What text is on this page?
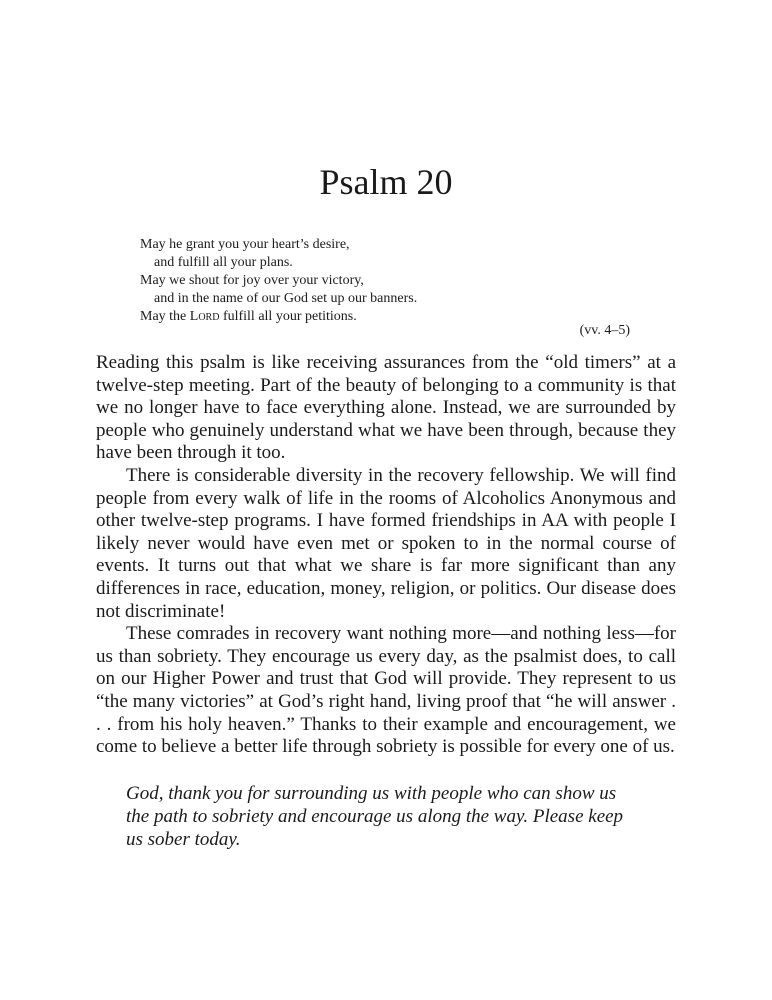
Psalm 20
May he grant you your heart’s desire,
and fulfill all your plans.
May we shout for joy over your victory,
and in the name of our God set up our banners.
May the Lord fulfill all your petitions.
(vv. 4–5)

Reading this psalm is like receiving assurances from the “old timers” at a twelve-step meeting. Part of the beauty of belonging to a community is that we no longer have to face everything alone. Instead, we are surrounded by people who genuinely understand what we have been through, because they have been through it too.

There is considerable diversity in the recovery fellowship. We will find people from every walk of life in the rooms of Alcoholics Anonymous and other twelve-step programs. I have formed friendships in AA with people I likely never would have even met or spoken to in the normal course of events. It turns out that what we share is far more significant than any differences in race, education, money, religion, or politics. Our disease does not discriminate!

These comrades in recovery want nothing more—and nothing less—for us than sobriety. They encourage us every day, as the psalmist does, to call on our Higher Power and trust that God will provide. They represent to us “the many victories” at God’s right hand, living proof that “he will answer . . . from his holy heaven.” Thanks to their example and encouragement, we come to believe a better life through sobriety is possible for every one of us.

God, thank you for surrounding us with people who can show us
the path to sobriety and encourage us along the way. Please keep
us sober today.
